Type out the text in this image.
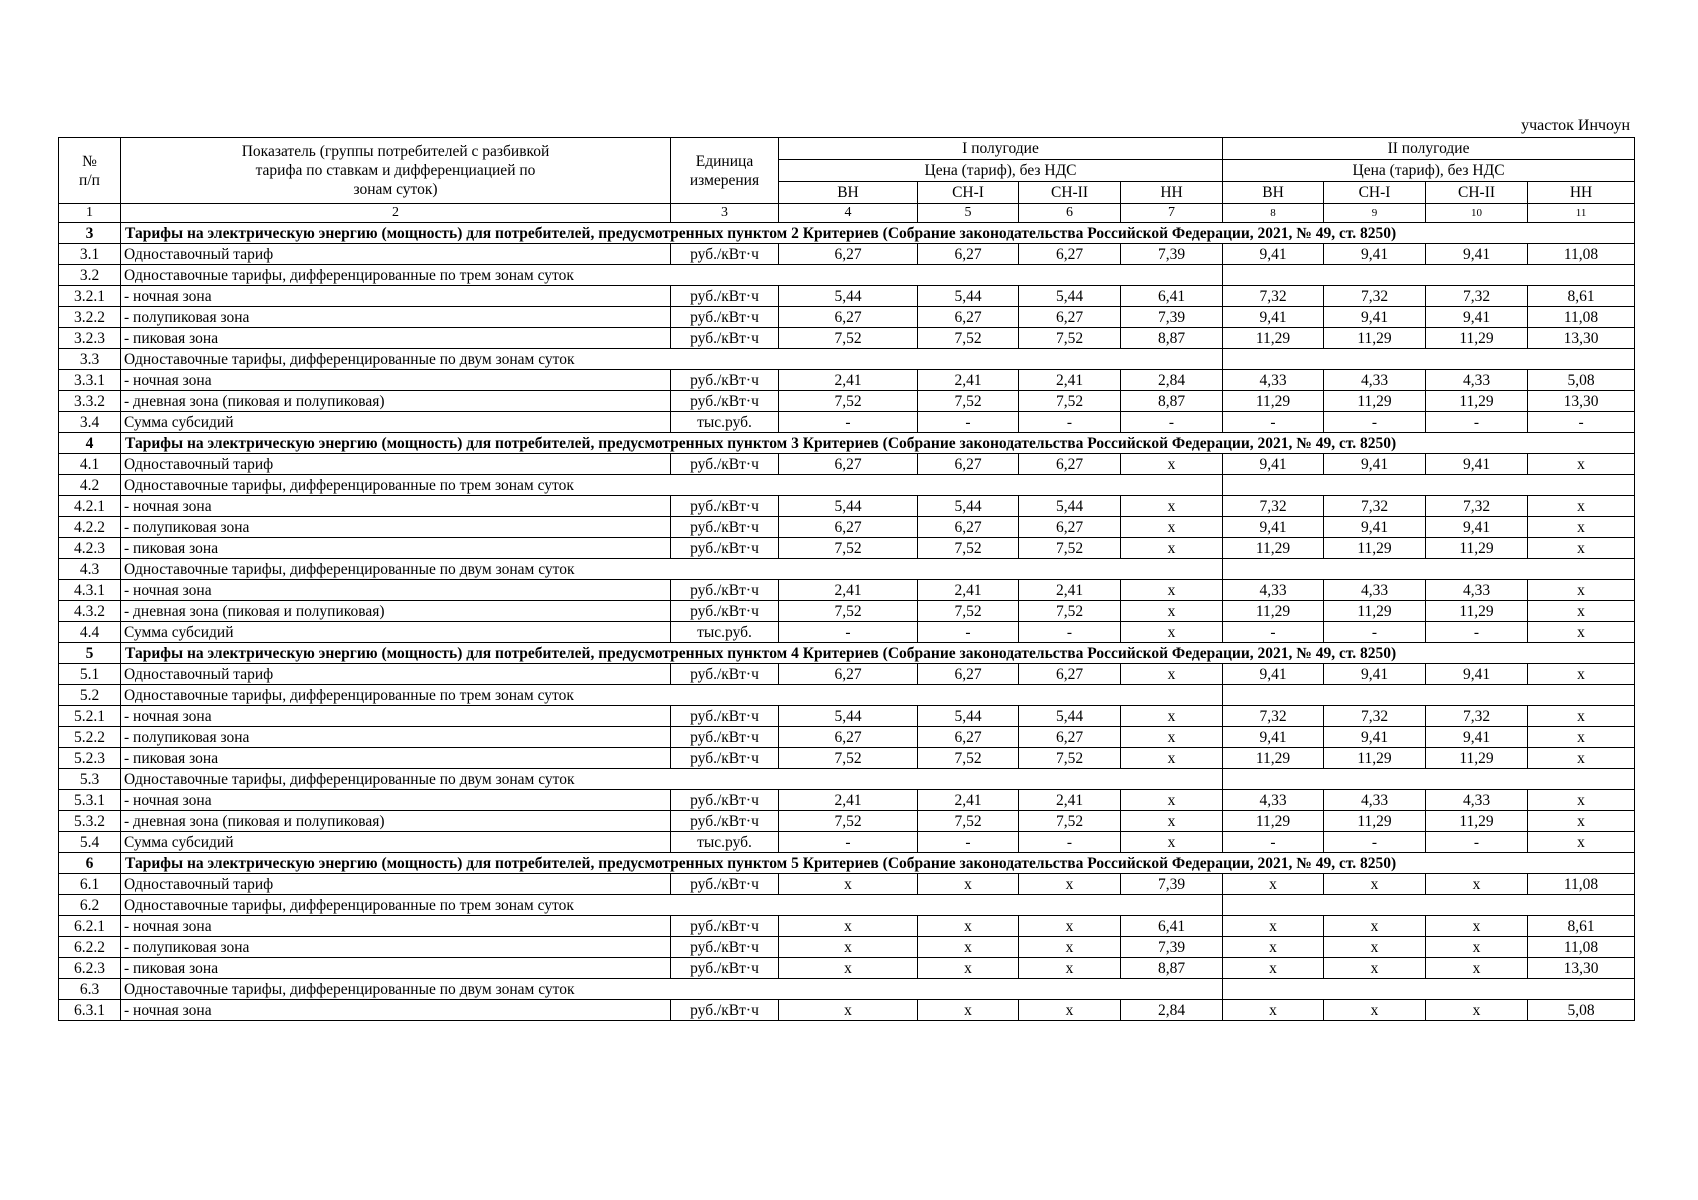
участок Инчоун
№
п/п	Показатель (группы потребителей с разбивкой тарифа по ставкам и дифференциацией по зонам суток)	Единица измерения	I полугодие				II полугодие			
			Цена (тариф), без НДС				Цена (тариф), без НДС			
			ВН	СН-I	СН-II	НН	ВН	СН-I	СН-II	НН
1	2	3	4	5	6	7	8	9	10	11
3	Тарифы на электрическую энергию (мощность) для потребителей, предусмотренных пунктом 2 Критериев (Собрание законодательства Российской Федерации, 2021, № 49, ст. 8250)									
3.1	Одноставочный тариф	руб./кВт·ч	6,27	6,27	6,27	7,39	9,41	9,41	9,41	11,08
3.2	Одноставочные тарифы, дифференцированные по трем зонам суток									
3.2.1	- ночная зона	руб./кВт·ч	5,44	5,44	5,44	6,41	7,32	7,32	7,32	8,61
3.2.2	- полупиковая зона	руб./кВт·ч	6,27	6,27	6,27	7,39	9,41	9,41	9,41	11,08
3.2.3	- пиковая зона	руб./кВт·ч	7,52	7,52	7,52	8,87	11,29	11,29	11,29	13,30
3.3	Одноставочные тарифы, дифференцированные по двум зонам суток									
3.3.1	- ночная зона	руб./кВт·ч	2,41	2,41	2,41	2,84	4,33	4,33	4,33	5,08
3.3.2	- дневная зона (пиковая и полупиковая)	руб./кВт·ч	7,52	7,52	7,52	8,87	11,29	11,29	11,29	13,30
3.4	Сумма субсидий	тыс.руб.	-	-	-	-	-	-	-	-
4	Тарифы на электрическую энергию (мощность) для потребителей, предусмотренных пунктом 3 Критериев (Собрание законодательства Российской Федерации, 2021, № 49, ст. 8250)									
4.1	Одноставочный тариф	руб./кВт·ч	6,27	6,27	6,27	x	9,41	9,41	9,41	x
4.2	Одноставочные тарифы, дифференцированные по трем зонам суток									
4.2.1	- ночная зона	руб./кВт·ч	5,44	5,44	5,44	x	7,32	7,32	7,32	x
4.2.2	- полупиковая зона	руб./кВт·ч	6,27	6,27	6,27	x	9,41	9,41	9,41	x
4.2.3	- пиковая зона	руб./кВт·ч	7,52	7,52	7,52	x	11,29	11,29	11,29	x
4.3	Одноставочные тарифы, дифференцированные по двум зонам суток									
4.3.1	- ночная зона	руб./кВт·ч	2,41	2,41	2,41	x	4,33	4,33	4,33	x
4.3.2	- дневная зона (пиковая и полупиковая)	руб./кВт·ч	7,52	7,52	7,52	x	11,29	11,29	11,29	x
4.4	Сумма субсидий	тыс.руб.	-	-	-	x	-	-	-	x
5	Тарифы на электрическую энергию (мощность) для потребителей, предусмотренных пунктом 4 Критериев (Собрание законодательства Российской Федерации, 2021, № 49, ст. 8250)									
5.1	Одноставочный тариф	руб./кВт·ч	6,27	6,27	6,27	x	9,41	9,41	9,41	x
5.2	Одноставочные тарифы, дифференцированные по трем зонам суток									
5.2.1	- ночная зона	руб./кВт·ч	5,44	5,44	5,44	x	7,32	7,32	7,32	x
5.2.2	- полупиковая зона	руб./кВт·ч	6,27	6,27	6,27	x	9,41	9,41	9,41	x
5.2.3	- пиковая зона	руб./кВт·ч	7,52	7,52	7,52	x	11,29	11,29	11,29	x
5.3	Одноставочные тарифы, дифференцированные по двум зонам суток									
5.3.1	- ночная зона	руб./кВт·ч	2,41	2,41	2,41	x	4,33	4,33	4,33	x
5.3.2	- дневная зона (пиковая и полупиковая)	руб./кВт·ч	7,52	7,52	7,52	x	11,29	11,29	11,29	x
5.4	Сумма субсидий	тыс.руб.	-	-	-	x	-	-	-	x
6	Тарифы на электрическую энергию (мощность) для потребителей, предусмотренных пунктом 5 Критериев (Собрание законодательства Российской Федерации, 2021, № 49, ст. 8250)									
6.1	Одноставочный тариф	руб./кВт·ч	x	x	x	7,39	x	x	x	11,08
6.2	Одноставочные тарифы, дифференцированные по трем зонам суток									
6.2.1	- ночная зона	руб./кВт·ч	x	x	x	6,41	x	x	x	8,61
6.2.2	- полупиковая зона	руб./кВт·ч	x	x	x	7,39	x	x	x	11,08
6.2.3	- пиковая зона	руб./кВт·ч	x	x	x	8,87	x	x	x	13,30
6.3	Одноставочные тарифы, дифференцированные по двум зонам суток									
6.3.1	- ночная зона	руб./кВт·ч	x	x	x	2,84	x	x	x	5,08
